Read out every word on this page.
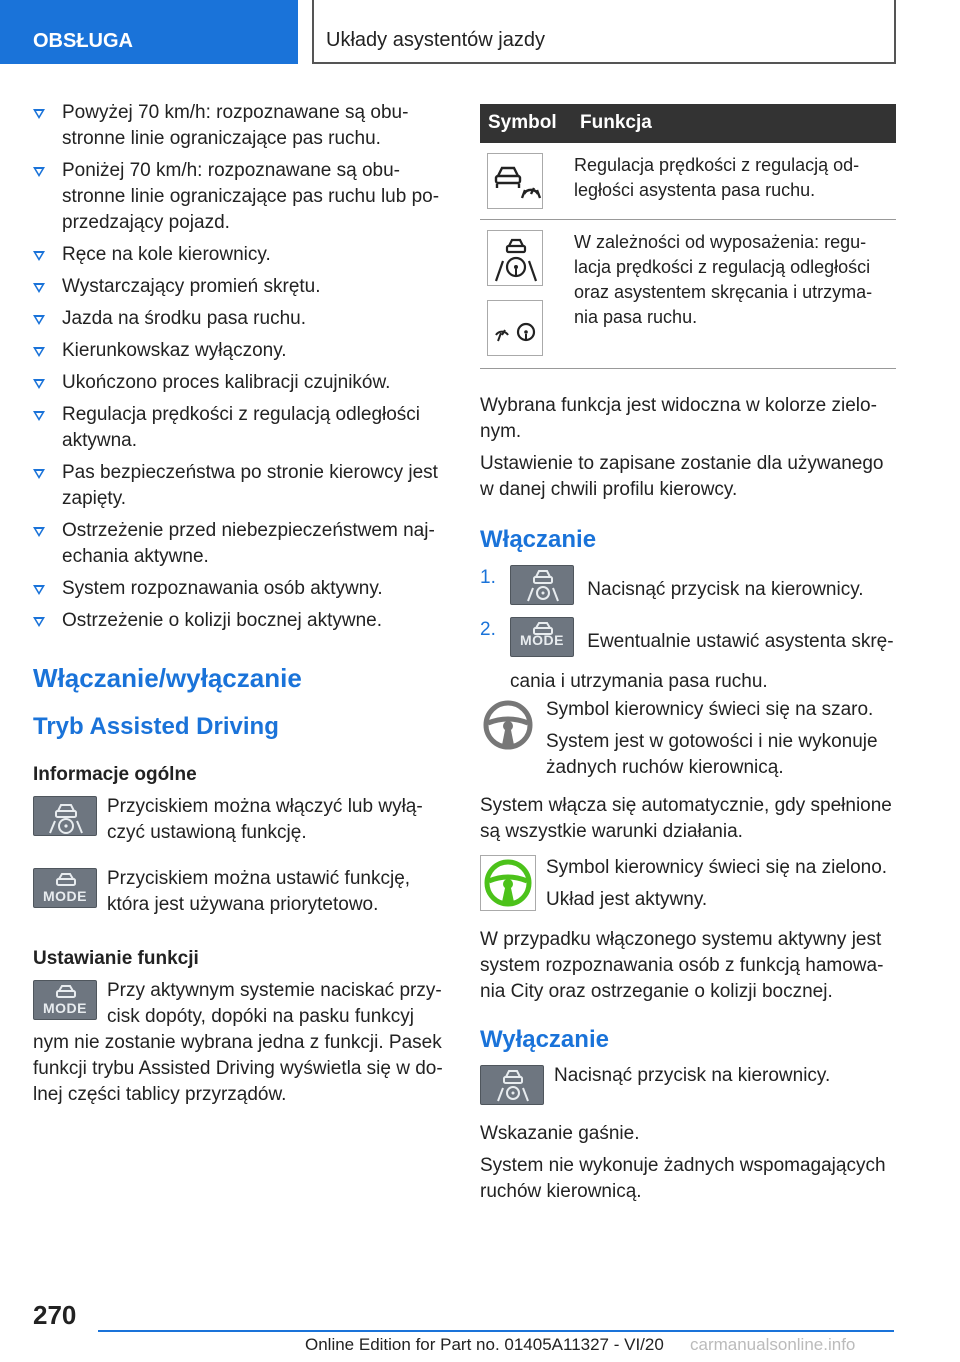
OBSŁUGA	Układy asystentów jazdy
Powyżej 70 km/h: rozpoznawane są obustronne linie ograniczające pas ruchu.
Poniżej 70 km/h: rozpoznawane są obustronne linie ograniczające pas ruchu lub poprzedzający pojazd.
Ręce na kole kierownicy.
Wystarczający promień skrętu.
Jazda na środku pasa ruchu.
Kierunkowskaz wyłączony.
Ukończono proces kalibracji czujników.
Regulacja prędkości z regulacją odległości aktywna.
Pas bezpieczeństwa po stronie kierowcy jest zapięty.
Ostrzeżenie przed niebezpieczeństwem najechania aktywne.
System rozpoznawania osób aktywny.
Ostrzeżenie o kolizji bocznej aktywne.
Włączanie/wyłączanie
Tryb Assisted Driving
Informacje ogólne

Przyciskiem można włączyć lub wyłączyć ustawioną funkcję.

MODE

Przyciskiem można ustawić funkcję, która jest używana priorytetowo.

Ustawianie funkcji
MODE

Przy aktywnym systemie naciskać przycisk dopóty, dopóki na pasku funkcyj

nym nie zostanie wybrana jedna z funkcji. Pasek funkcji trybu Assisted Driving wyświetla się w dolnej części tablicy przyrządów.

Symbol	Funkcja

	Regulacja prędkości z regulacją odległości asystenta pasa ruchu.

	W zależności od wyposażenia: regulacja prędkości z regulacją odległości oraz asystentem skręcania i utrzymania pasa ruchu.

Wybrana funkcja jest widoczna w kolorze zielonym.

Ustawienie to zapisane zostanie dla używanego w danej chwili profilu kierowcy.

Włączanie
1.
Nacisnąć przycisk na kierownicy.
2.	MODE	Ewentualnie ustawić asystenta skręcania i utrzymania pasa ruchu.

Symbol kierownicy świeci się na szaro.

System jest w gotowości i nie wykonuje żadnych ruchów kierownicą.

System włącza się automatycznie, gdy spełnione są wszystkie warunki działania.

Symbol kierownicy świeci się na zielono.

Układ jest aktywny.

W przypadku włączonego systemu aktywny jest system rozpoznawania osób z funkcją hamowania City oraz ostrzeganie o kolizji bocznej.

Wyłączanie

Nacisnąć przycisk na kierownicy.

Wskazanie gaśnie.

System nie wykonuje żadnych wspomagających ruchów kierownicą.

270
Online Edition for Part no. 01405A11327 - VI/20 carmanualsonline.info
